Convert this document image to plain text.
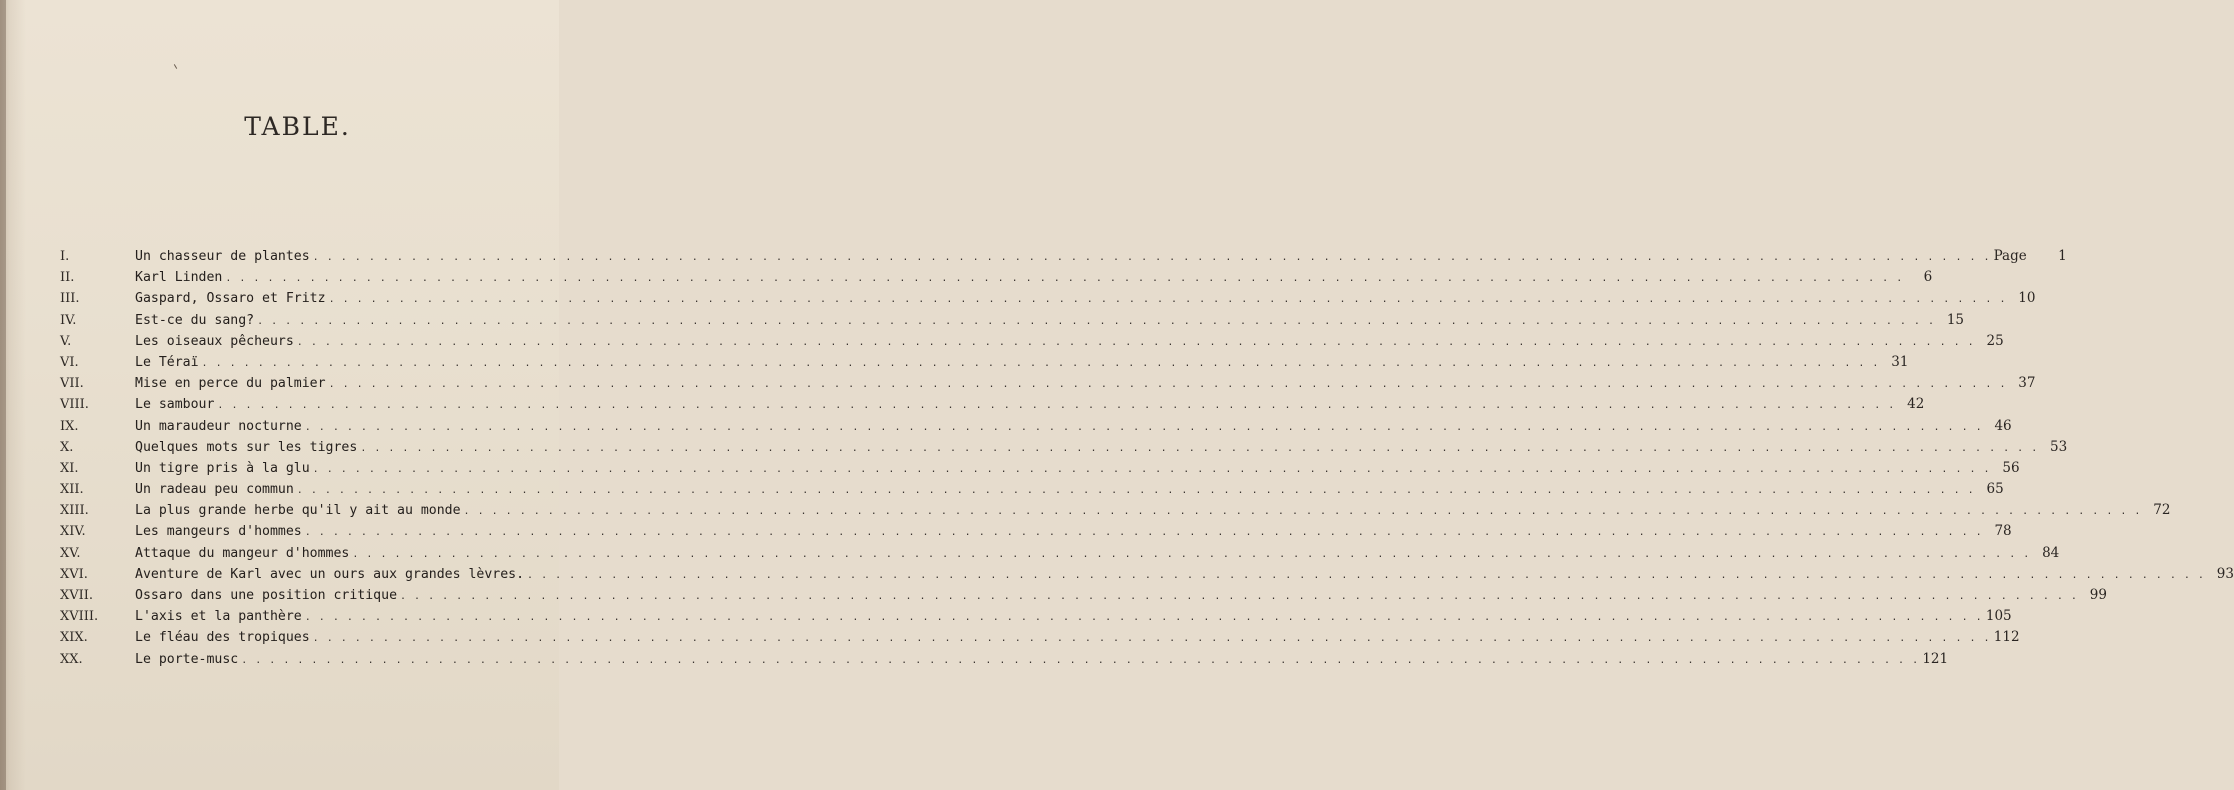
TABLE.
I.	Un chasseur de plantes . . . . . . . . . . . . . . . . . . . . . . . . . . . . . . . . . . . . . . . . . . . . . . . . . . . . . . . . . . . . . . . . . . . . . . . . . . . . . . . . . . . . . . . . . . . . . . . . . . . . . . . . . . . . . . . . . . . . . . . . Page	1
II.	Karl Linden . . . . . . . . . . . . . . . . . . . . . . . . . . . . . . . . . . . . . . . . . . . . . . . . . . . . . . . . . . . . . . . . . . . . . . . . . . . . . . . . . . . . . . . . . . . . . . . . . . . . . . . . . . . . . . . . . . . . . . . .	6
III.	Gaspard, Ossaro et Fritz . . . . . . . . . . . . . . . . . . . . . . . . . . . . . . . . . . . . . . . . . . . . . . . . . . . . . . . . . . . . . . . . . . . . . . . . . . . . . . . . . . . . . . . . . . . . . . . . . . . . . . . . . . . . . . . . . . . . . . . . 10
IV.	Est-ce du sang? . . . . . . . . . . . . . . . . . . . . . . . . . . . . . . . . . . . . . . . . . . . . . . . . . . . . . . . . . . . . . . . . . . . . . . . . . . . . . . . . . . . . . . . . . . . . . . . . . . . . . . . . . . . . . . . . . . . . . . . . 15
V.	Les oiseaux pêcheurs . . . . . . . . . . . . . . . . . . . . . . . . . . . . . . . . . . . . . . . . . . . . . . . . . . . . . . . . . . . . . . . . . . . . . . . . . . . . . . . . . . . . . . . . . . . . . . . . . . . . . . . . . . . . . . . . . . . . . . . . 25
VI.	Le Téraï . . . . . . . . . . . . . . . . . . . . . . . . . . . . . . . . . . . . . . . . . . . . . . . . . . . . . . . . . . . . . . . . . . . . . . . . . . . . . . . . . . . . . . . . . . . . . . . . . . . . . . . . . . . . . . . . . . . . . . . . 31
VII.	Mise en perce du palmier . . . . . . . . . . . . . . . . . . . . . . . . . . . . . . . . . . . . . . . . . . . . . . . . . . . . . . . . . . . . . . . . . . . . . . . . . . . . . . . . . . . . . . . . . . . . . . . . . . . . . . . . . . . . . . . . . . . . . . . . 37
VIII.	Le sambour . . . . . . . . . . . . . . . . . . . . . . . . . . . . . . . . . . . . . . . . . . . . . . . . . . . . . . . . . . . . . . . . . . . . . . . . . . . . . . . . . . . . . . . . . . . . . . . . . . . . . . . . . . . . . . . . . . . . . . . . 42
IX.	Un maraudeur nocturne . . . . . . . . . . . . . . . . . . . . . . . . . . . . . . . . . . . . . . . . . . . . . . . . . . . . . . . . . . . . . . . . . . . . . . . . . . . . . . . . . . . . . . . . . . . . . . . . . . . . . . . . . . . . . . . . . . . . . . . . 46
X.	Quelques mots sur les tigres . . . . . . . . . . . . . . . . . . . . . . . . . . . . . . . . . . . . . . . . . . . . . . . . . . . . . . . . . . . . . . . . . . . . . . . . . . . . . . . . . . . . . . . . . . . . . . . . . . . . . . . . . . . . . . . . . . . . . . . . 53
XI.	Un tigre pris à la glu . . . . . . . . . . . . . . . . . . . . . . . . . . . . . . . . . . . . . . . . . . . . . . . . . . . . . . . . . . . . . . . . . . . . . . . . . . . . . . . . . . . . . . . . . . . . . . . . . . . . . . . . . . . . . . . . . . . . . . . . 56
XII.	Un radeau peu commun . . . . . . . . . . . . . . . . . . . . . . . . . . . . . . . . . . . . . . . . . . . . . . . . . . . . . . . . . . . . . . . . . . . . . . . . . . . . . . . . . . . . . . . . . . . . . . . . . . . . . . . . . . . . . . . . . . . . . . . . 65
XIII.	La plus grande herbe qu'il y ait au monde . . . . . . . . . . . . . . . . . . . . . . . . . . . . . . . . . . . . . . . . . . . . . . . . . . . . . . . . . . . . . . . . . . . . . . . . . . . . . . . . . . . . . . . . . . . . . . . . . . . . . . . . . . . . . . . . . . . . . . . . 72
XIV.	Les mangeurs d'hommes . . . . . . . . . . . . . . . . . . . . . . . . . . . . . . . . . . . . . . . . . . . . . . . . . . . . . . . . . . . . . . . . . . . . . . . . . . . . . . . . . . . . . . . . . . . . . . . . . . . . . . . . . . . . . . . . . . . . . . . . 78
XV.	Attaque du mangeur d'hommes . . . . . . . . . . . . . . . . . . . . . . . . . . . . . . . . . . . . . . . . . . . . . . . . . . . . . . . . . . . . . . . . . . . . . . . . . . . . . . . . . . . . . . . . . . . . . . . . . . . . . . . . . . . . . . . . . . . . . . . . 84
XVI.	Aventure de Karl avec un ours aux grandes lèvres. . . . . . . . . . . . . . . . . . . . . . . . . . . . . . . . . . . . . . . . . . . . . . . . . . . . . . . . . . . . . . . . . . . . . . . . . . . . . . . . . . . . . . . . . . . . . . . . . . . . . . . . . . . . . . . . . . . . . . . . . 93
XVII.	Ossaro dans une position critique . . . . . . . . . . . . . . . . . . . . . . . . . . . . . . . . . . . . . . . . . . . . . . . . . . . . . . . . . . . . . . . . . . . . . . . . . . . . . . . . . . . . . . . . . . . . . . . . . . . . . . . . . . . . . . . . . . . . . . . . 99
XVIII.	L'axis et la panthère . . . . . . . . . . . . . . . . . . . . . . . . . . . . . . . . . . . . . . . . . . . . . . . . . . . . . . . . . . . . . . . . . . . . . . . . . . . . . . . . . . . . . . . . . . . . . . . . . . . . . . . . . . . . . . . . . . . . . . . . 105
XIX.	Le fléau des tropiques . . . . . . . . . . . . . . . . . . . . . . . . . . . . . . . . . . . . . . . . . . . . . . . . . . . . . . . . . . . . . . . . . . . . . . . . . . . . . . . . . . . . . . . . . . . . . . . . . . . . . . . . . . . . . . . . . . . . . . . . 112
XX.	Le porte-musc . . . . . . . . . . . . . . . . . . . . . . . . . . . . . . . . . . . . . . . . . . . . . . . . . . . . . . . . . . . . . . . . . . . . . . . . . . . . . . . . . . . . . . . . . . . . . . . . . . . . . . . . . . . . . . . . . . . . . . . . 121
